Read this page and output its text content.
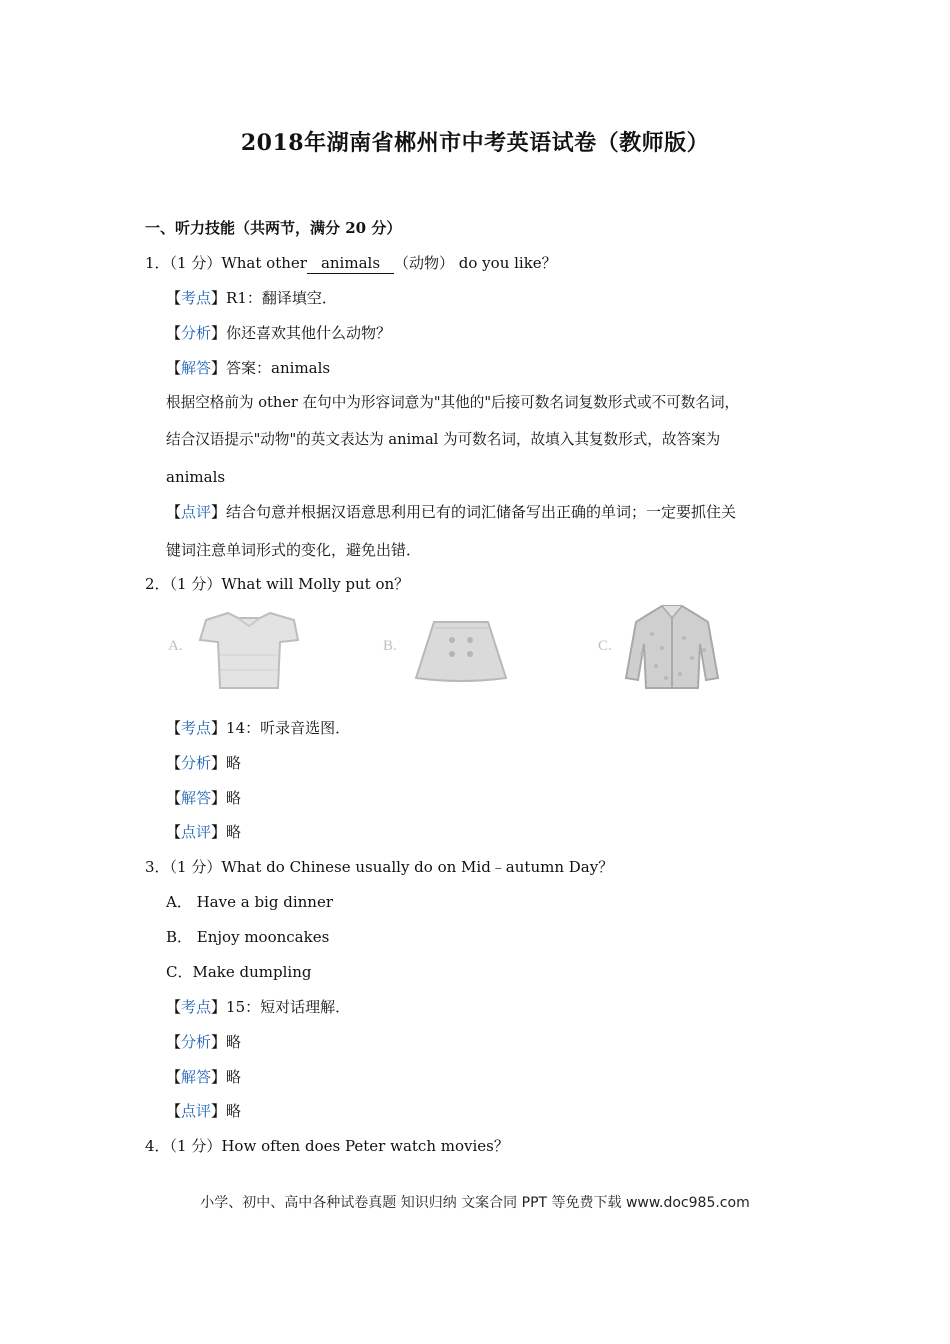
2018年湖南省郴州市中考英语试卷（教师版）
一、听力技能（共两节，满分 20 分）
1．（1 分）What other animals （动物） do you like？
【考点】R1：翻译填空．
【分析】你还喜欢其他什么动物？
【解答】答案：animals
根据空格前为 other 在句中为形容词意为"其他的"后接可数名词复数形式或不可数名词，
结合汉语提示"动物"的英文表达为 animal 为可数名词，故填入其复数形式，故答案为
animals
【点评】结合句意并根据汉语意思利用已有的词汇储备写出正确的单词；一定要抓住关
键词注意单词形式的变化，避免出错．
2．（1 分）What will Molly put on？
A.	B.	C.
【考点】14：听录音选图．
【分析】略
【解答】略
【点评】略
3．（1 分）What do Chinese usually do on Mid﹣autumn Day？
A． Have a big dinner
B． Enjoy mooncakes
C．Make dumpling
【考点】15：短对话理解．
【分析】略
【解答】略
【点评】略
4．（1 分）How often does Peter watch movies？
小学、初中、高中各种试卷真题 知识归纳 文案合同 PPT 等免费下载 www.doc985.com
